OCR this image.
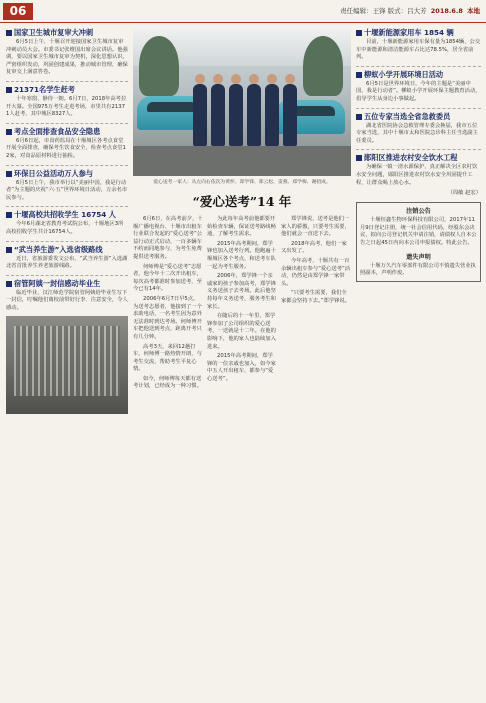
06	责任编辑：王锋 版式：吕大芳 2018.6.8 本地
国家卫生城市复审大冲刺
6月5日上午，十堰召开迎接国家卫生城市复审冲刺动员大会。市委书记张维国出席会议讲话。他强调，要以国家卫生城市复审为契机，深化思想认识，严密组织发动，巩固创建成果，推动城市管理，确保复审交上满意答卷。
21371名学生赶考
十年寒窗，静待一朝。6月7日，2018年高考拉开大幕。全国975万考生走进考场，市里共有21371人赶考，其中城区8327人。
考点全面排查食品安全隐患
6月6日起，市食药监局在十堰城区各考点食堂开展全面排查，确保考生饮食安全，检查考点食堂12家，对食品原材料进行抽检。
环保日公益活动万人参与
6月5日上午，我市举行以“美丽中国，我是行动者”为主题的庆祝“六·五”世界环境日活动，万余名市民参与。
十堰高校共招收学生 16754 人
今年6月湖北省教育考试院公布，十堰地区3所高校招收学生共计16754人。
“武当养生游”入选省级路线
近日，省旅游委发文公布，“武当养生游”入选湖北省首批养生养老旅游线路。
宿管阿姨一封信感动毕业生
临近毕业，汉江师范学院宿管阿姨给毕业生写下一封信，叮嘱他们离校前带好行李、注意安全，令人感动。
爱心送考一家人：从左向右依次为黄怀、郑学锋、郑云松、雷燕、郑学梅、谢招成。
“爱心送考”14 年

6月6日，在高考前夕，十堰广播电视台、十堰市出租车行业联合发起的“爱心送考”公益行动正式启动，一百多辆车不约而同地参与，为考生免费提供送考服务。

何师傅是“爱心送考”志愿者，他今年十二次开出租车，每次高考都准时参加送考，至今已有14年。

2006年6月7日早5点，为送考志愿者，他接到了一个求助电话，一名考生因为意外无法准时到达考场。何师傅开车把他送到考点，距离开考只有几分钟。

高考3天，来回12趟打车，何师傅一路热情开朗，与考生交流，帮助考生平复心情。

如今，何师傅每天都有送考计划，已经成为一种习惯。

为此每年高考前他都要开始检查车辆，保证送考路线畅通，了解考生需求。

2015年高考期间，郑学锋也加入送考行列。他跑遍十堰城区各个考点，和送考车队一起为考生服务。

2006年，郑学锋一个亲戚家的孩子参加高考，郑学锋义务送孩子去考场。此后他坚持每年义务送考，服务考生和家长。

在随后的十一年里，郑学锋参加了公司组织的爱心送考，一送就是十二年。在他的影响下，他的家人也陆续加入进来。

2015年高考期间，郑学锋的一位亲戚也加入，如今家中五人开出租车，都参与“爱心送考”。

郑学锋说，送考是他们一家人的骄傲，只要考生需要，他们就会一直送下去。

2018年高考，他们一家又出发了。

今年高考，十堰共有一百余辆出租车参与“爱心送考”活动，仍然是由郑学锋一家带头。

“只要考生需要，我们全家都会坚持下去。”郑学锋说。

十堰新能源家用车 1854 辆
目前，十堰新能源家用车保有量为1854辆，公交车中新能源和清洁能源车占比达78.5%，居全省前列。
柳蚁小学开展环境日活动
6月5日是世界环境日，今年的主题是“美丽中国，我是行动者”。柳蚁小学开展环保主题教育活动，倡导学生从身边小事做起。
五位专家当选全省急救委员
湖北省医院协会急救管理专委会换届，我市五位专家当选，其中十堰市太和医院急诊科主任当选副主任委员。
郧阳区推进农村安全饮水工程
为确保一镇一清水源保护，真正解决全区农村饮水安全问题，郧阳区推进农村饮水安全巩固提升工程，让群众喝上放心水。
（周敏 赵宏）
注销公告
十堰恒鑫生物环保科技有限公司，2017年11月9日登记注册，统一社会信用代码，经股东会决议，拟向公司登记机关申请注销，请债权人自本公告之日起45日内向本公司申报债权。特此公告。
遗失声明
十堰万久汽车零部件有限公司不慎遗失营业执照副本，声明作废。
